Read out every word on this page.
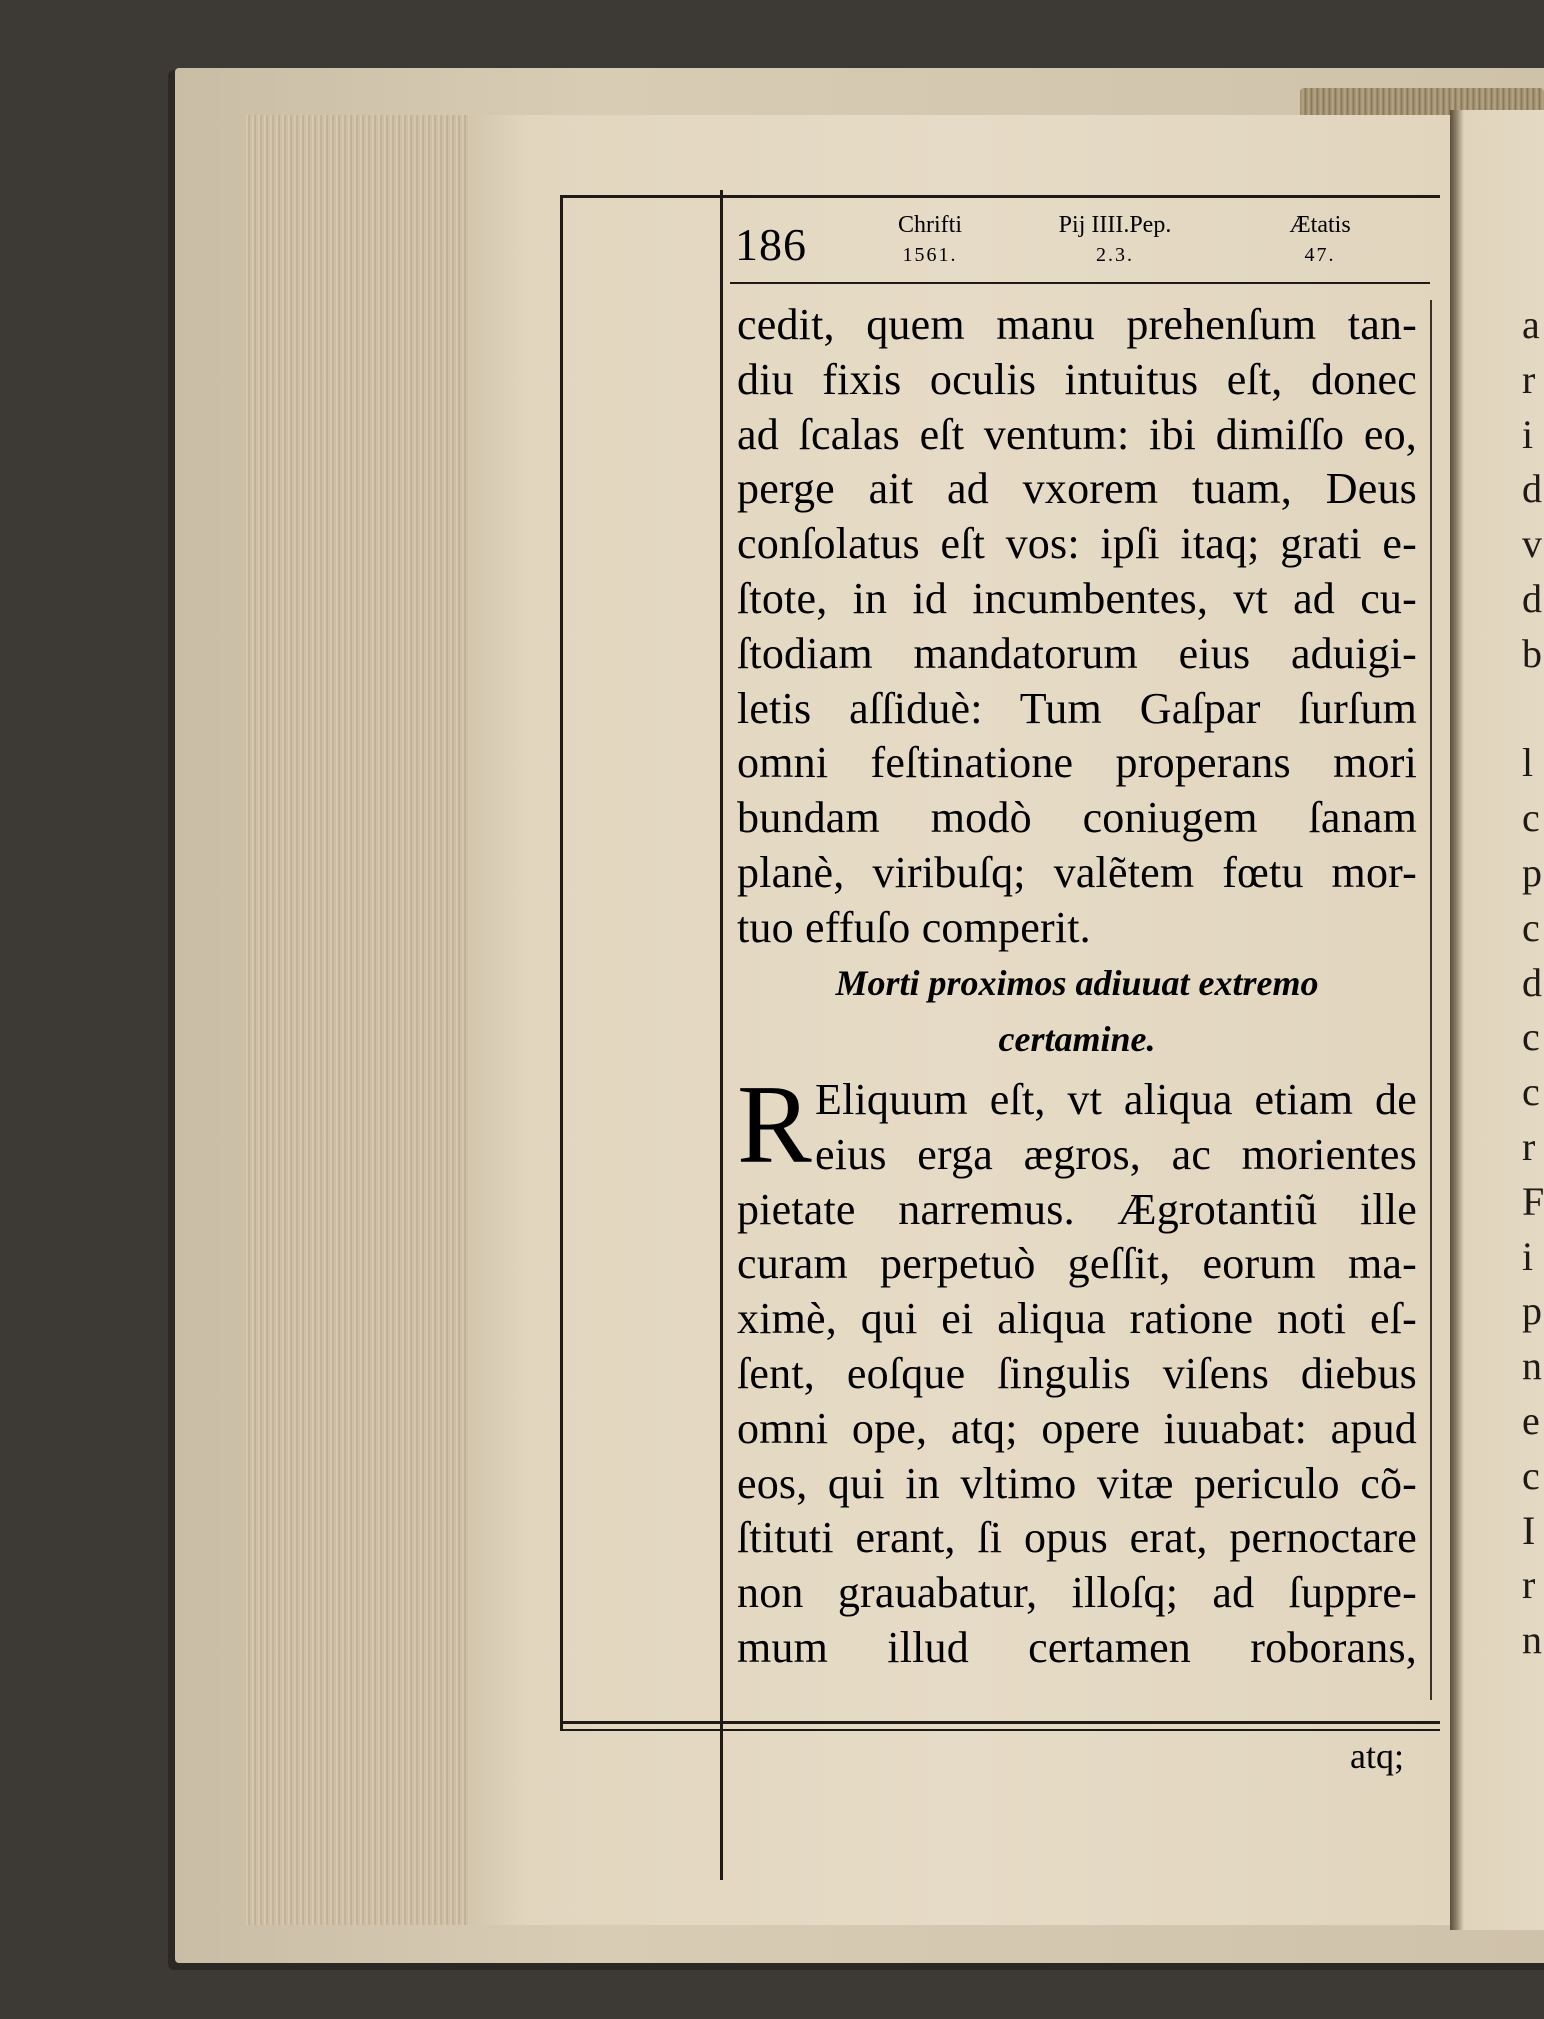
186	Chrifti
1561.
Pij IIII.Pep.
2.3.
Ætatis
47.
cedit, quem manu prehenſum tan-
diu fixis oculis intuitus eſt, donec
ad ſcalas eſt ventum: ibi dimiſſo eo,
perge ait ad vxorem tuam, Deus
conſolatus eſt vos: ipſi itaq; grati e-
ſtote, in id incumbentes, vt ad cu-
ſtodiam mandatorum eius aduigi-
letis aſſiduè: Tum Gaſpar ſurſum
omni feſtinatione properans mori
bundam modò coniugem ſanam
planè, viribuſq; valẽtem fœtu mor-
tuo effuſo comperit.
Morti proximos adiuuat extremo
certamine.
R Eliquum eſt, vt aliqua etiam de
eius erga ægros, ac morientes
pietate narremus. Ægrotantiũ ille
curam perpetuò geſſit, eorum ma-
ximè, qui ei aliqua ratione noti eſ-
ſent, eoſque ſingulis viſens diebus
omni ope, atq; opere iuuabat: apud
eos, qui in vltimo vitæ periculo cõ-
ſtituti erant, ſi opus erat, pernoctare
non grauabatur, illoſq; ad ſuppre-
mum illud certamen roborans,
atq;
a
r
i
d
v
d
b
l
c
p
c
d
c
c
r
F
i
p
n
e
c
I
r
n
